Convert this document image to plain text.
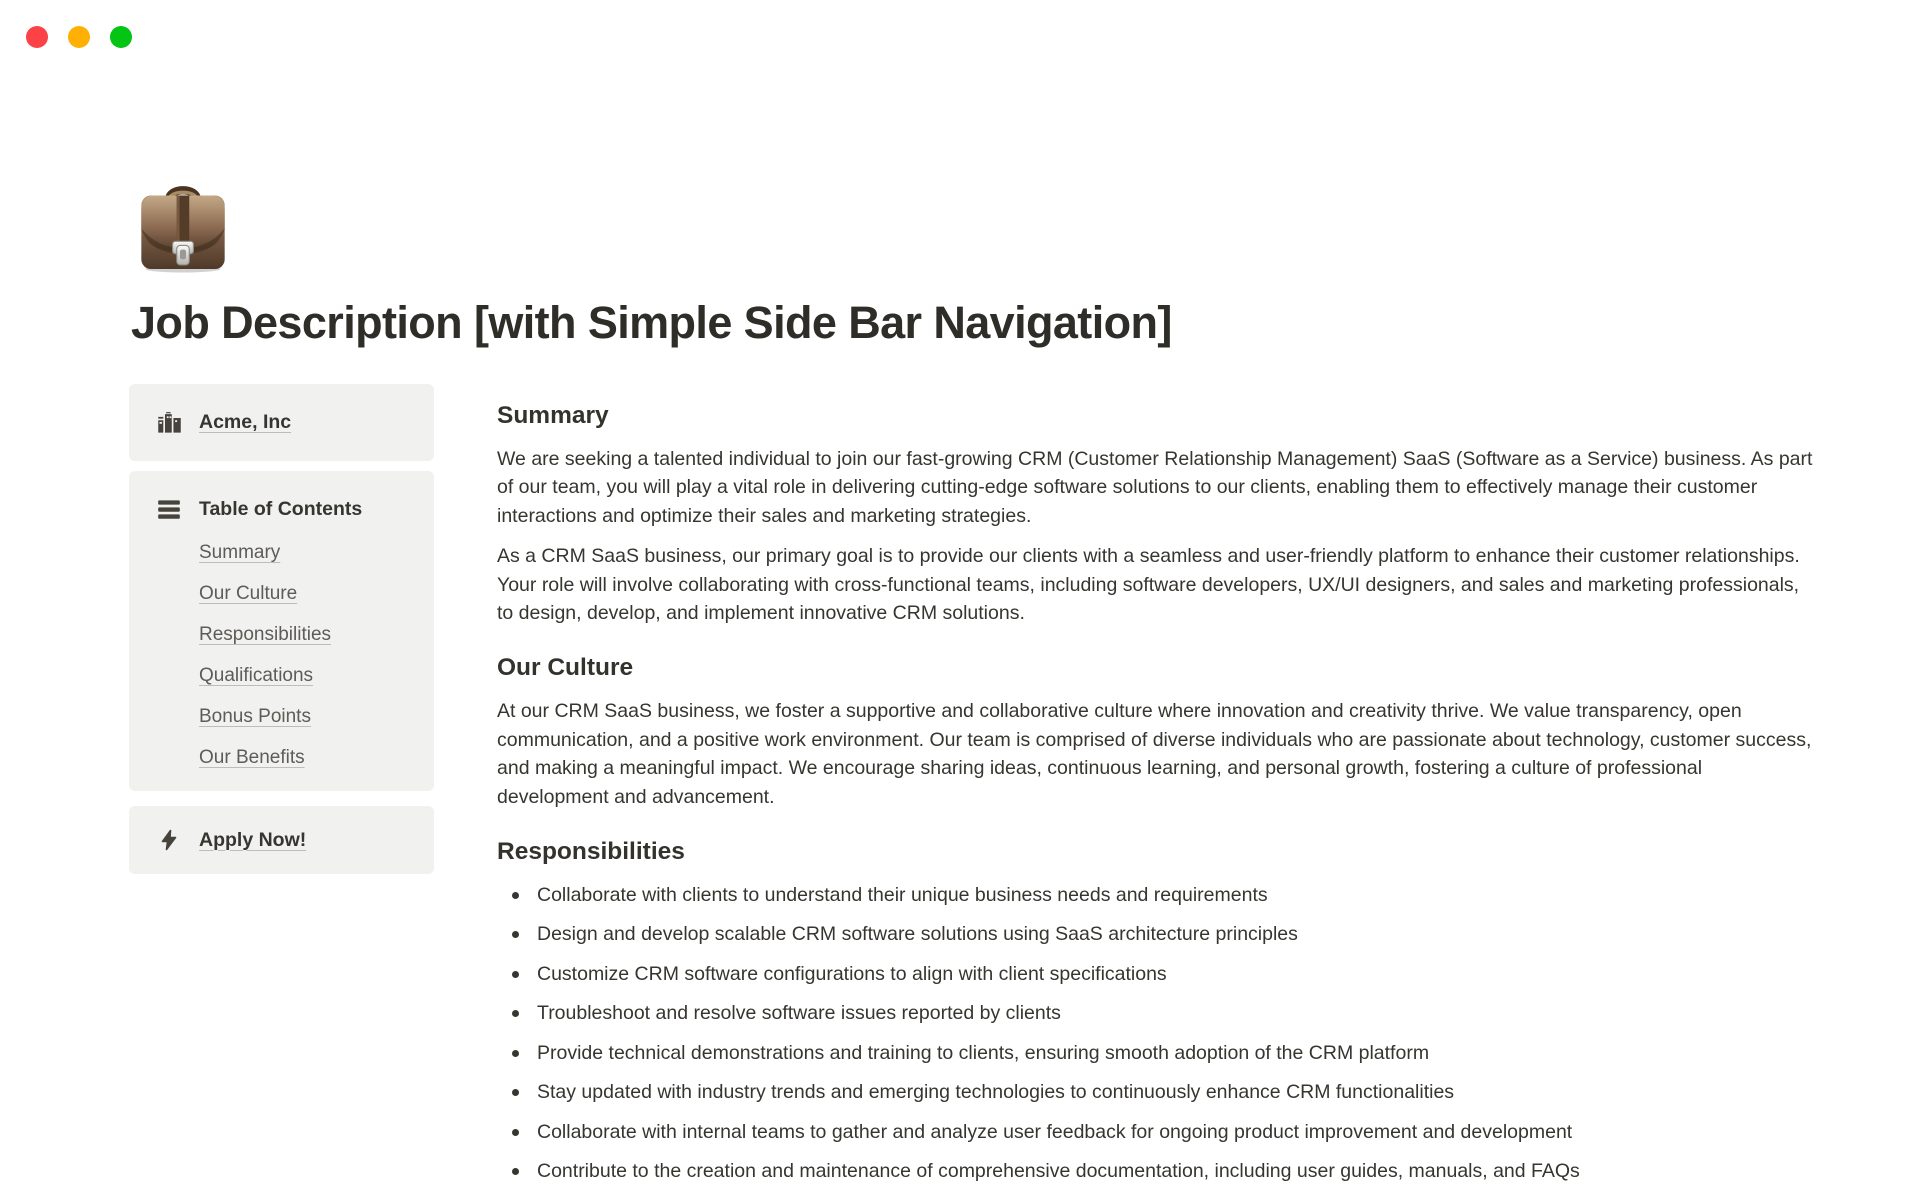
Job Description [with Simple Side Bar Navigation]
Acme, Inc
Table of Contents
Summary
Our Culture
Responsibilities
Qualifications
Bonus Points
Our Benefits
Apply Now!
Summary

We are seeking a talented individual to join our fast-growing CRM (Customer Relationship Management) SaaS (Software as a Service) business. As part of our team, you will play a vital role in delivering cutting-edge software solutions to our clients, enabling them to effectively manage their customer interactions and optimize their sales and marketing strategies.

As a CRM SaaS business, our primary goal is to provide our clients with a seamless and user-friendly platform to enhance their customer relationships. Your role will involve collaborating with cross-functional teams, including software developers, UX/UI designers, and sales and marketing professionals, to design, develop, and implement innovative CRM solutions.

Our Culture

At our CRM SaaS business, we foster a supportive and collaborative culture where innovation and creativity thrive. We value transparency, open communication, and a positive work environment. Our team is comprised of diverse individuals who are passionate about technology, customer success, and making a meaningful impact. We encourage sharing ideas, continuous learning, and personal growth, fostering a culture of professional development and advancement.

Responsibilities
Collaborate with clients to understand their unique business needs and requirements
Design and develop scalable CRM software solutions using SaaS architecture principles
Customize CRM software configurations to align with client specifications
Troubleshoot and resolve software issues reported by clients
Provide technical demonstrations and training to clients, ensuring smooth adoption of the CRM platform
Stay updated with industry trends and emerging technologies to continuously enhance CRM functionalities
Collaborate with internal teams to gather and analyze user feedback for ongoing product improvement and development
Contribute to the creation and maintenance of comprehensive documentation, including user guides, manuals, and FAQs
